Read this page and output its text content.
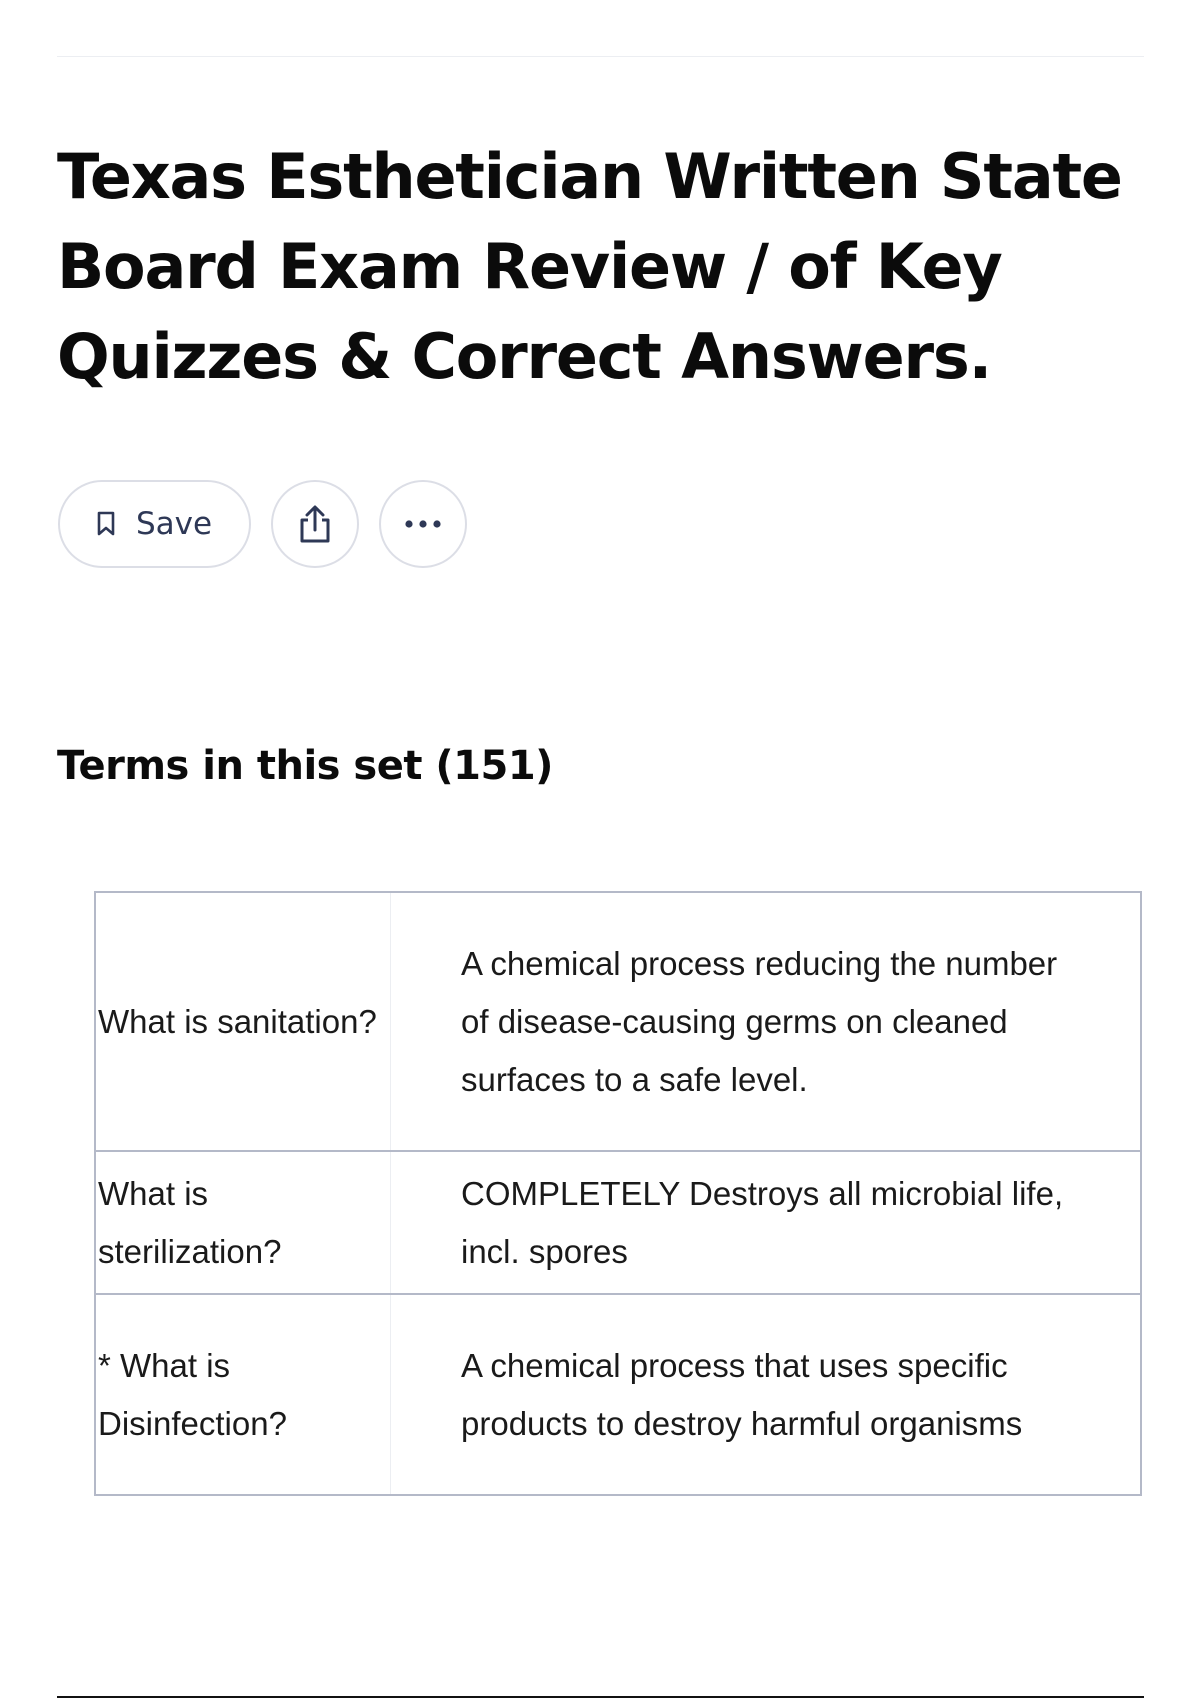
Texas Esthetician Written State Board Exam Review / of Key Quizzes & Correct Answers.
Save
Terms in this set (151)
What is sanitation?	A chemical process reducing the number of disease-causing germs on cleaned surfaces to a safe level.
What is sterilization?	COMPLETELY Destroys all microbial life, incl. spores
* What is Disinfection?	A chemical process that uses specific products to destroy harmful organisms
